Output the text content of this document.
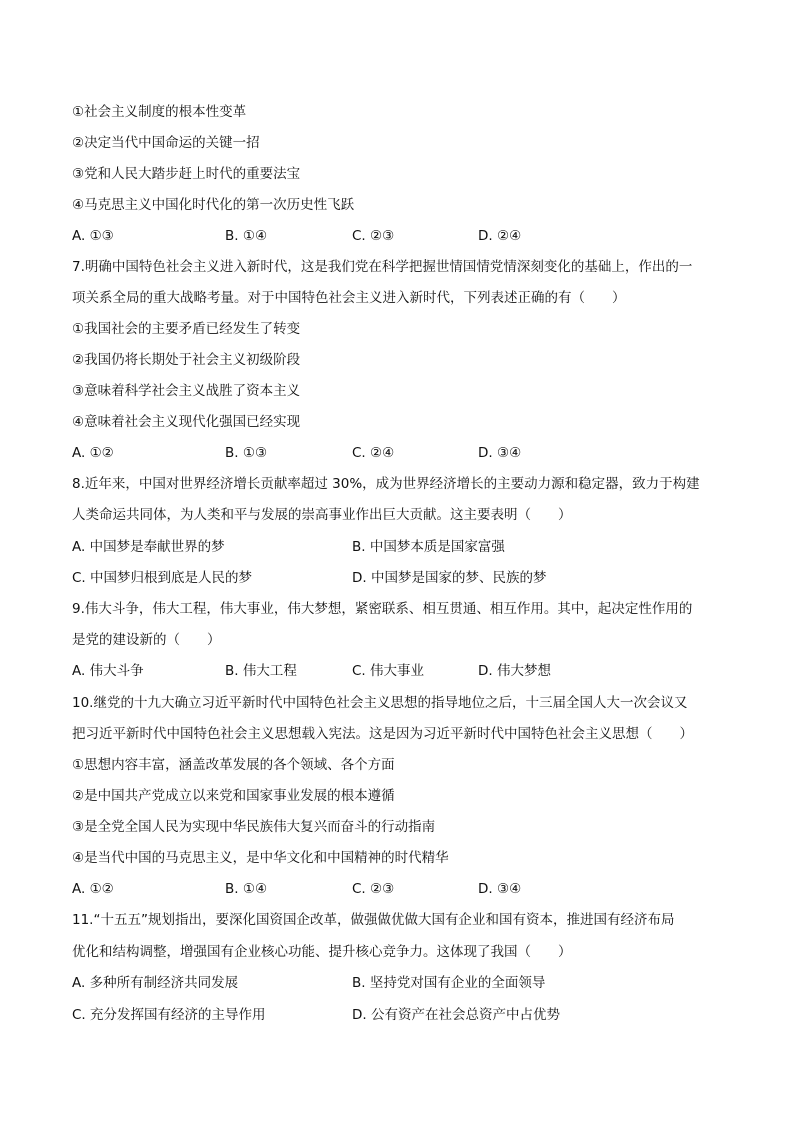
①社会主义制度的根本性变革
②决定当代中国命运的关键一招
③党和人民大踏步赶上时代的重要法宝
④马克思主义中国化时代化的第一次历史性飞跃
A. ①③	B. ①④	C. ②③	D. ②④
7.明确中国特色社会主义进入新时代，这是我们党在科学把握世情国情党情深刻变化的基础上，作出的一
项关系全局的重大战略考量。对于中国特色社会主义进入新时代，下列表述正确的有（　　）
①我国社会的主要矛盾已经发生了转变
②我国仍将长期处于社会主义初级阶段
③意味着科学社会主义战胜了资本主义
④意味着社会主义现代化强国已经实现
A. ①②	B. ①③	C. ②④	D. ③④
8.近年来，中国对世界经济增长贡献率超过 30%，成为世界经济增长的主要动力源和稳定器，致力于构建
人类命运共同体，为人类和平与发展的崇高事业作出巨大贡献。这主要表明（　　）
A. 中国梦是奉献世界的梦	B. 中国梦本质是国家富强
C. 中国梦归根到底是人民的梦	D. 中国梦是国家的梦、民族的梦
9.伟大斗争，伟大工程，伟大事业，伟大梦想，紧密联系、相互贯通、相互作用。其中，起决定性作用的
是党的建设新的（　　）
A. 伟大斗争	B. 伟大工程	C. 伟大事业	D. 伟大梦想
10.继党的十九大确立习近平新时代中国特色社会主义思想的指导地位之后，十三届全国人大一次会议又
把习近平新时代中国特色社会主义思想载入宪法。这是因为习近平新时代中国特色社会主义思想（　　）
①思想内容丰富，涵盖改革发展的各个领域、各个方面
②是中国共产党成立以来党和国家事业发展的根本遵循
③是全党全国人民为实现中华民族伟大复兴而奋斗的行动指南
④是当代中国的马克思主义，是中华文化和中国精神的时代精华
A. ①②	B. ①④	C. ②③	D. ③④
11.“十五五”规划指出，要深化国资国企改革，做强做优做大国有企业和国有资本，推进国有经济布局
优化和结构调整，增强国有企业核心功能、提升核心竞争力。这体现了我国（　　）
A. 多种所有制经济共同发展	B. 坚持党对国有企业的全面领导
C. 充分发挥国有经济的主导作用	D. 公有资产在社会总资产中占优势
